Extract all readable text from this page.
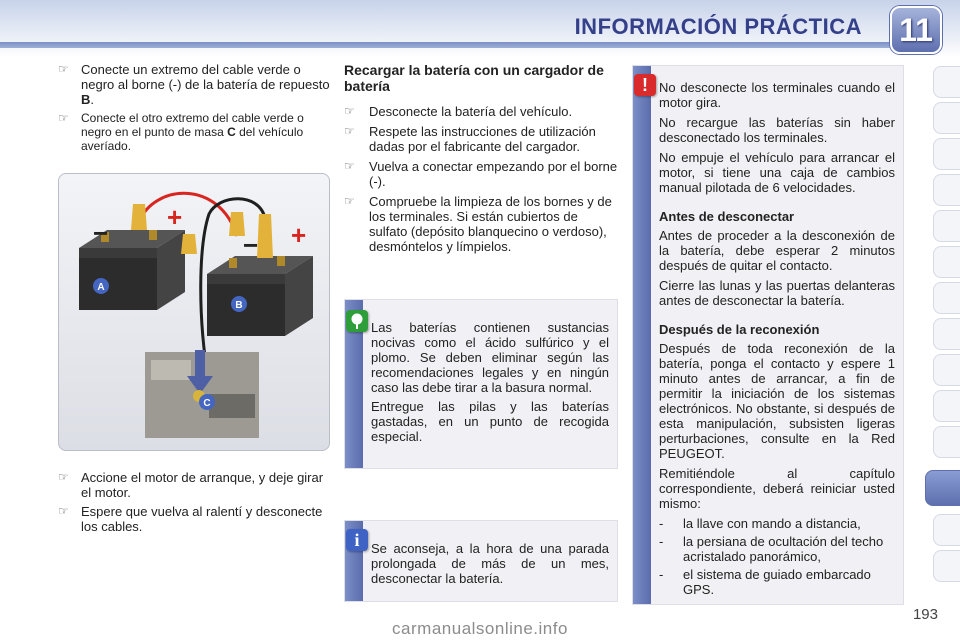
INFORMACIÓN PRÁCTICA 11
☞ Conecte un extremo del cable verde o negro al borne (-) de la batería de repuesto B.
☞ Conecte el otro extremo del cable verde o negro en el punto de masa C del vehículo averíado.
−
+
− +
A
B
C
☞ Accione el motor de arranque, y deje girar el motor.
☞ Espere que vuelva al ralentí y desconecte los cables.
Recargar la batería con un cargador de batería
☞ Desconecte la batería del vehículo.
☞ Respete las instrucciones de utilización dadas por el fabricante del cargador.
☞ Vuelva a conectar empezando por el borne (-).
☞ Compruebe la limpieza de los bornes y de los terminales. Si están cubiertos de sulfato (depósito blanquecino o verdoso), desmóntelos y límpielos.

Las baterías contienen sustancias nocivas como el ácido sulfúrico y el plomo. Se deben eliminar según las recomendaciones legales y en ningún caso las debe tirar a la basura normal.

Entregue las pilas y las baterías gastadas, en un punto de recogida especial.

i Se aconseja, a la hora de una parada prolongada de más de un mes, desconectar la batería.
! No desconecte los terminales cuando el motor gira.

No recargue las baterías sin haber desconectado los terminales.

No empuje el vehículo para arrancar el motor, si tiene una caja de cambios manual pilotada de 6 velocidades.

Antes de desconectar

Antes de proceder a la desconexión de la batería, debe esperar 2 minutos después de quitar el contacto.

Cierre las lunas y las puertas delanteras antes de desconectar la batería.

Después de la reconexión

Después de toda reconexión de la batería, ponga el contacto y espere 1 minuto antes de arrancar, a fin de permitir la iniciación de los sistemas electrónicos. No obstante, si después de esta manipulación, subsisten ligeras perturbaciones, consulte en la Red PEUGEOT.

Remitiéndole al capítulo correspondiente, deberá reiniciar usted mismo:

- la llave con mando a distancia,
- la persiana de ocultación del techo acristalado panorámico,
- el sistema de guiado embarcado GPS.
193
carmanualsonline.info
